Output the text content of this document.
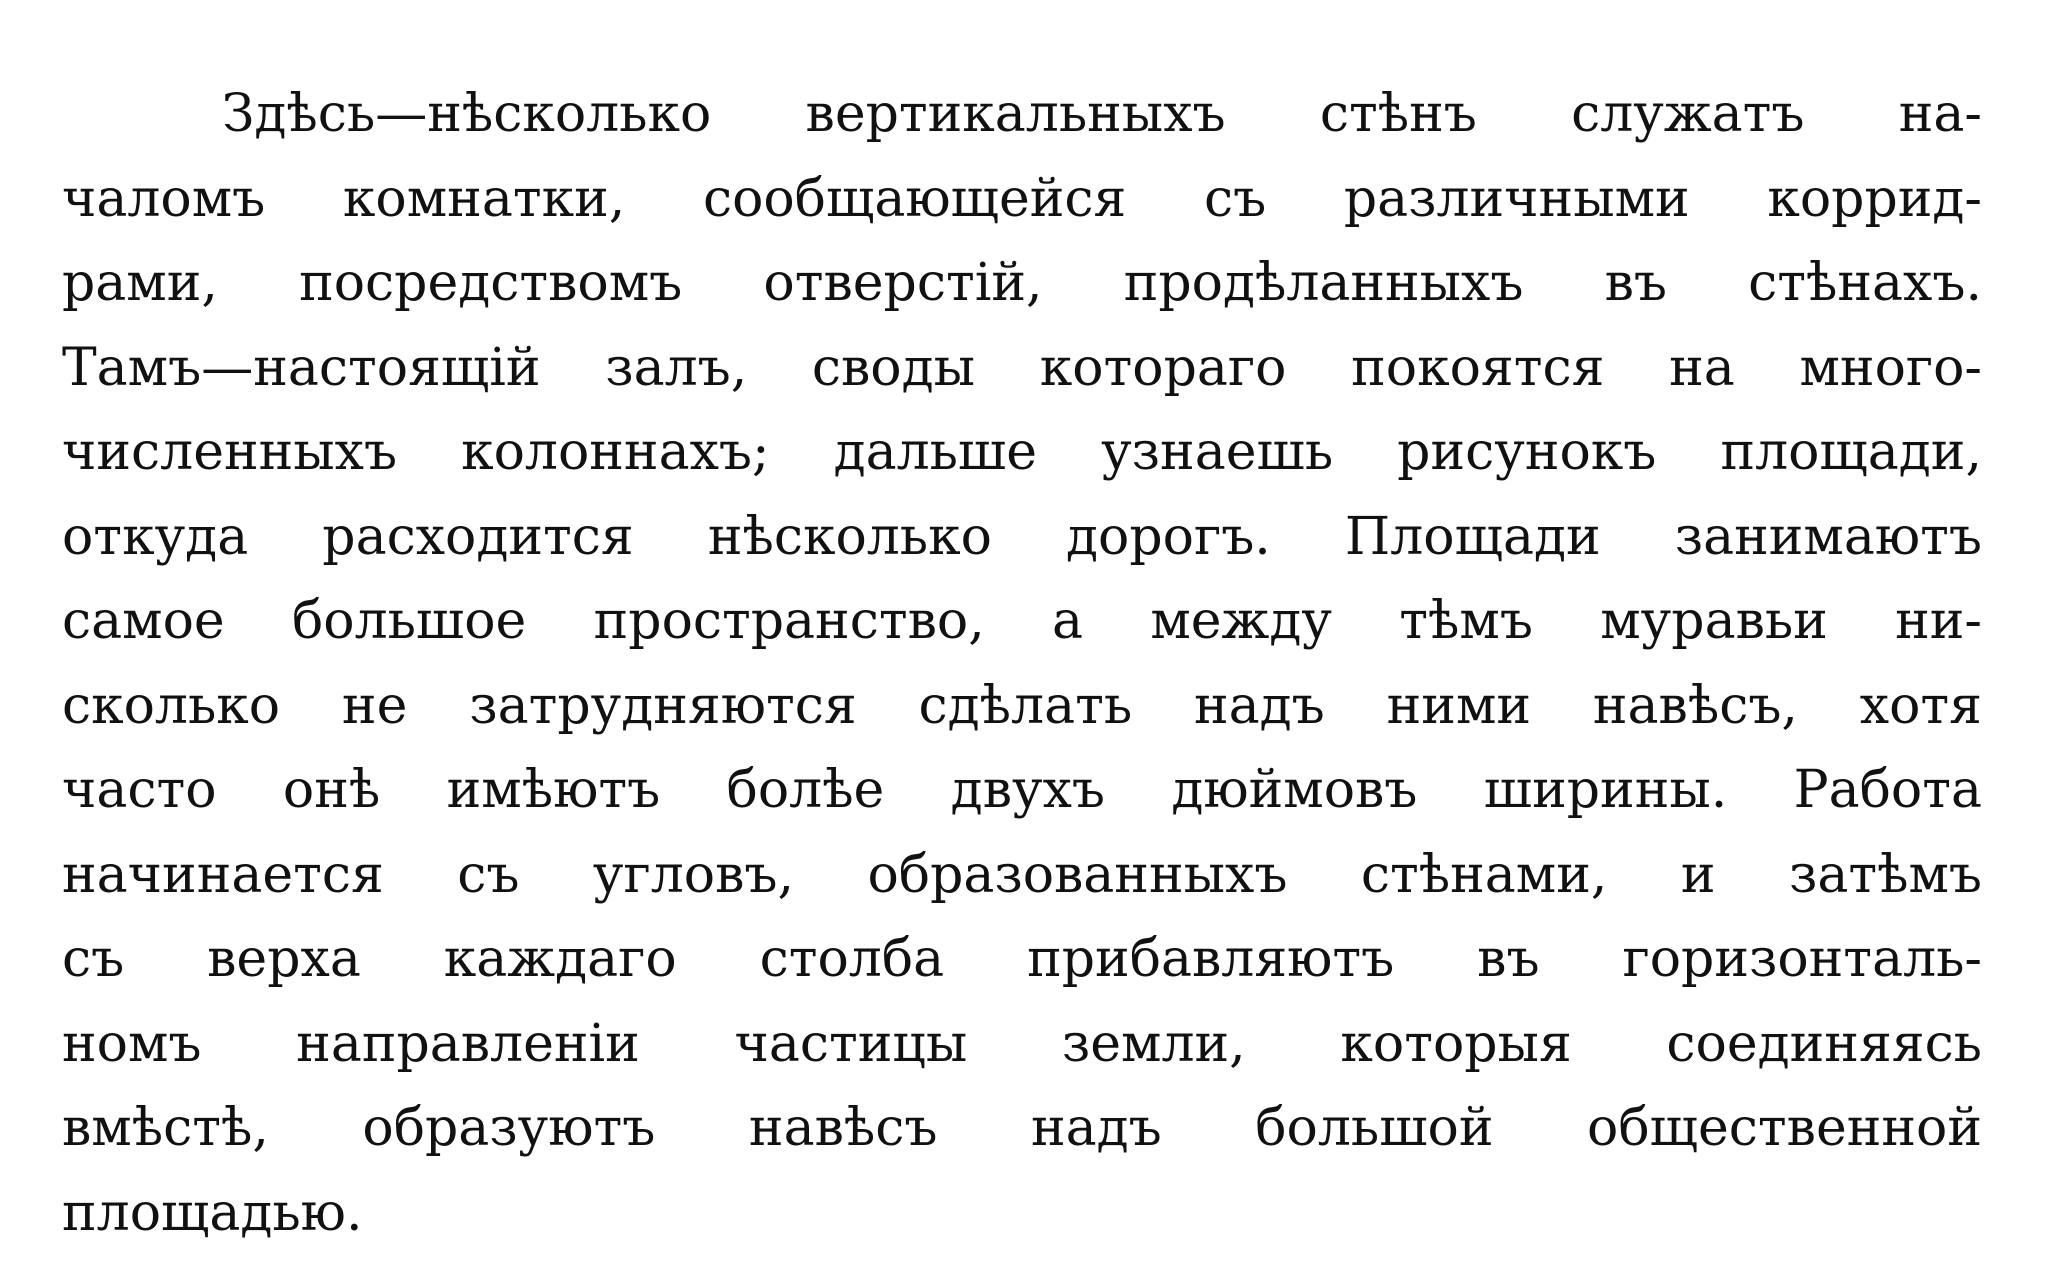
Здѣсь—нѣсколько вертикальныхъ стѣнъ служатъ на-
чаломъ комнатки, сообщающейся съ различными коррид-
рами, посредствомъ отверстій, продѣланныхъ въ стѣнахъ.
Тамъ—настоящій залъ, своды котораго покоятся на много-
численныхъ колоннахъ; дальше узнаешь рисунокъ площади,
откуда расходится нѣсколько дорогъ. Площади занимаютъ
самое большое пространство, а между тѣмъ муравьи ни-
сколько не затрудняются сдѣлать надъ ними навѣсъ, хотя
часто онѣ имѣютъ болѣе двухъ дюймовъ ширины. Работа
начинается съ угловъ, образованныхъ стѣнами, и затѣмъ
съ верха каждаго столба прибавляютъ въ горизонталь-
номъ направленіи частицы земли, которыя соединяясь
вмѣстѣ, образуютъ навѣсъ надъ большой общественной
площадью.
